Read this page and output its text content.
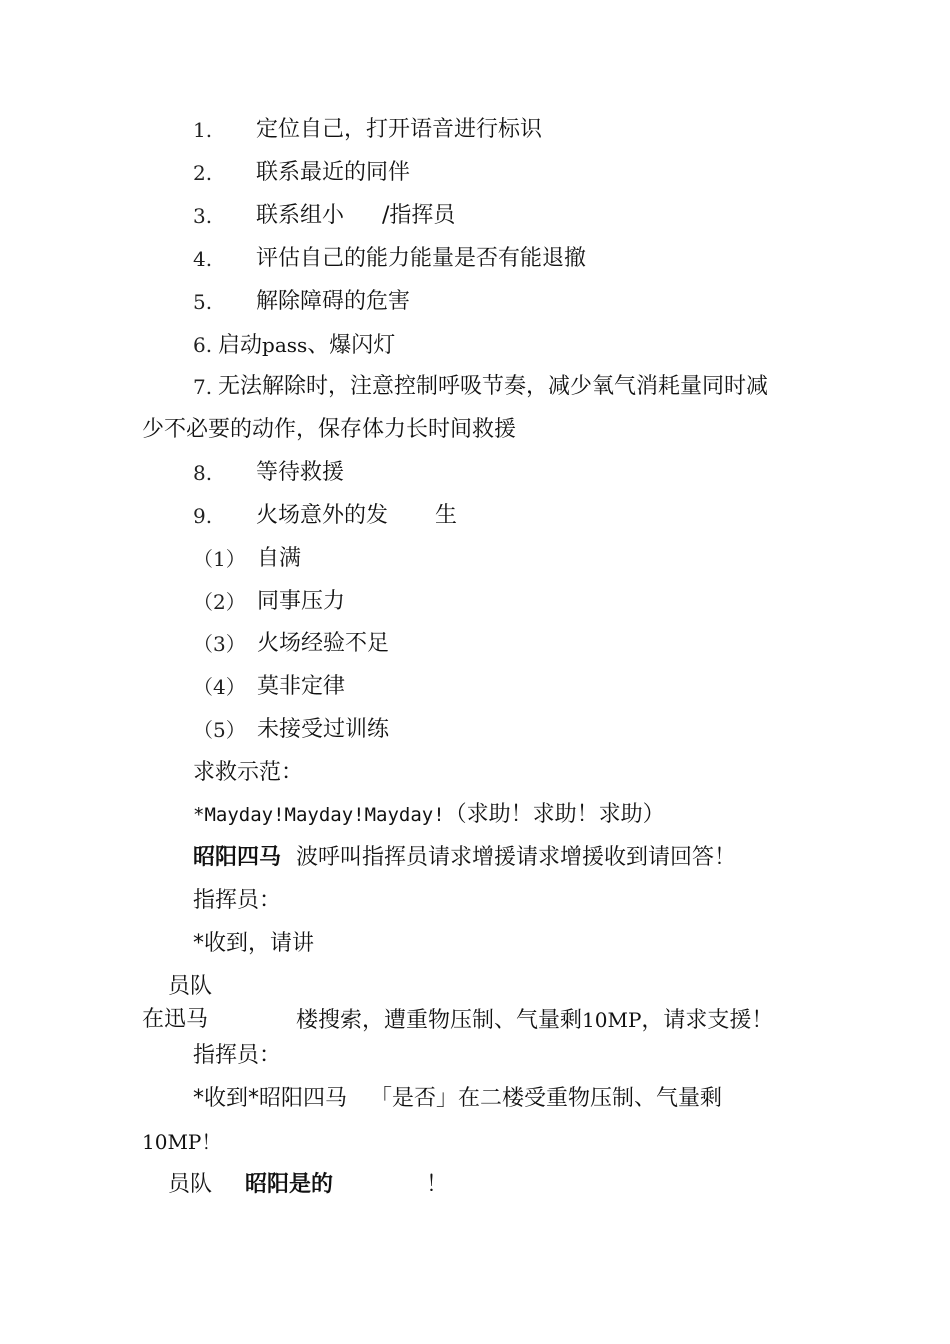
1. 定位自己，打开语音进行标识
2. 联系最近的同伴
3. 联系组小 /指挥员
4. 评估自己的能力能量是否有能退撤
5. 解除障碍的危害
6. 启动pass、爆闪灯
7. 无法解除时，注意控制呼吸节奏，减少氧气消耗量同时减
少不必要的动作，保存体力长时间救援
8. 等待救援
9. 火场意外的发 生
（1） 自满
（2） 同事压力
（3） 火场经验不足
（4） 莫非定律
（5） 未接受过训练
求救示范：
*Mayday!Mayday!Mayday!（求助！求助！求助）
昭阳四马 波呼叫指挥员请求增援请求增援收到请回答！
指挥员：
*收到，请讲
员队
在迅马	楼搜索，遭重物压制、气量剩10MP，请求支援！
指挥员：
*收到*昭阳四马 「是否」在二楼受重物压制、气量剩
10MP！
员队 昭阳是的	！
